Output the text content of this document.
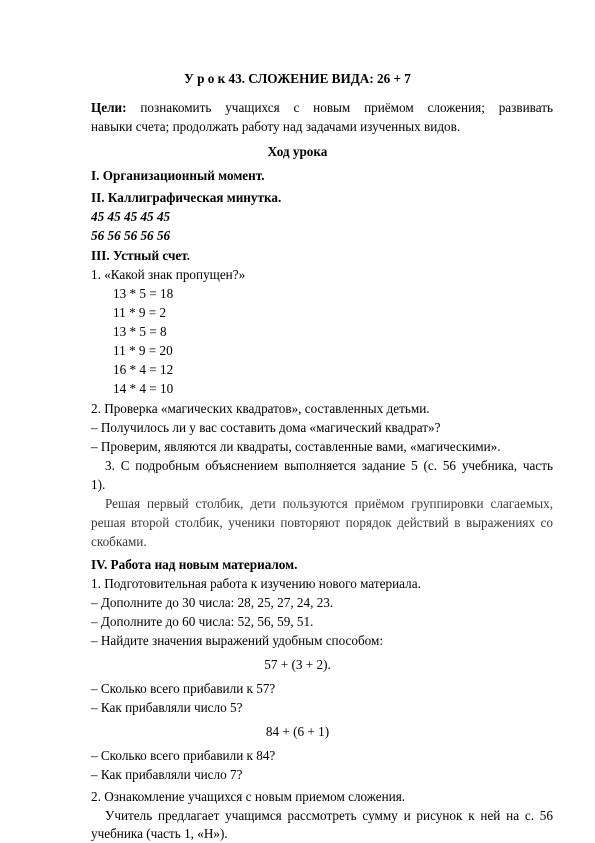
У р о к 43. СЛОЖЕНИЕ ВИДА: 26 + 7
Цели: познакомить учащихся с новым приёмом сложения; развивать
навыки счета; продолжать работу над задачами изученных видов.
Ход урока
I. Организационный момент.
II. Каллиграфическая минутка.
45 45 45 45 45
56 56 56 56 56
III. Устный счет.
1. «Какой знак пропущен?»
13 * 5 = 18
11 * 9 = 2
13 * 5 = 8
11 * 9 = 20
16 * 4 = 12
14 * 4 = 10
2. Проверка «магических квадратов», составленных детьми.
– Получилось ли у вас составить дома «магический квадрат»?
– Проверим, являются ли квадраты, составленные вами, «магическими».
3. С подробным объяснением выполняется задание 5 (с. 56 учебника, часть
1).
Решая первый столбик, дети пользуются приёмом группировки слагаемых,
решая второй столбик, ученики повторяют порядок действий в выражениях со
скобками.
IV. Работа над новым материалом.
1. Подготовительная работа к изучению нового материала.
– Дополните до 30 числа: 28, 25, 27, 24, 23.
– Дополните до 60 числа: 52, 56, 59, 51.
– Найдите значения выражений удобным способом:
57 + (3 + 2).
– Сколько всего прибавили к 57?
– Как прибавляли число 5?
84 + (6 + 1)
– Сколько всего прибавили к 84?
– Как прибавляли число 7?
2. Ознакомление учащихся с новым приемом сложения.
Учитель предлагает учащимся рассмотреть сумму и рисунок к ней на с. 56
учебника (часть 1, «Н»).
